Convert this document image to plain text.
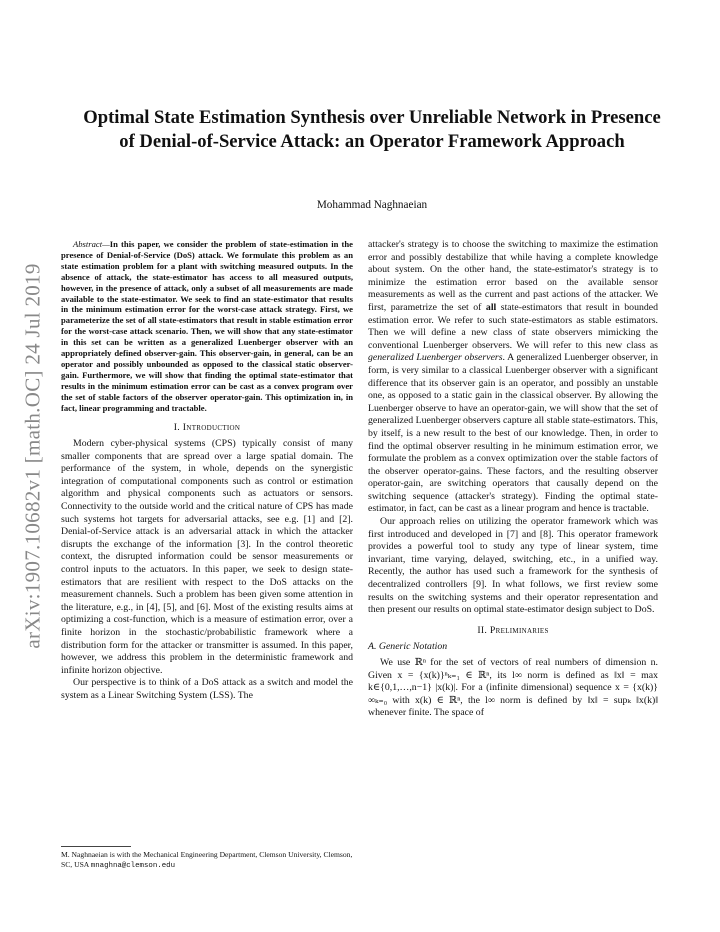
Optimal State Estimation Synthesis over Unreliable Network in Presence of Denial-of-Service Attack: an Operator Framework Approach
Mohammad Naghnaeian
arXiv:1907.10682v1 [math.OC] 24 Jul 2019

Abstract—In this paper, we consider the problem of state-estimation in the presence of Denial-of-Service (DoS) attack. We formulate this problem as an state estimation problem for a plant with switching measured outputs. In the absence of attack, the state-estimator has access to all measured outputs, however, in the presence of attack, only a subset of all measurements are made available to the state-estimator. We seek to find an state-estimator that results in the minimum estimation error for the worst-case attack strategy. First, we parameterize the set of all state-estimators that result in stable estimation error for the worst-case attack scenario. Then, we will show that any state-estimator in this set can be written as a generalized Luenberger observer with an appropriately defined observer-gain. This observer-gain, in general, can be an operator and possibly unbounded as opposed to the classical static observer-gain. Furthermore, we will show that finding the optimal state-estimator that results in the minimum estimation error can be cast as a convex program over the set of stable factors of the observer operator-gain. This optimization in, in fact, linear programming and tractable.

I. Introduction

Modern cyber-physical systems (CPS) typically consist of many smaller components that are spread over a large spatial domain. The performance of the system, in whole, depends on the synergistic integration of computational components such as control or estimation algorithm and physical components such as actuators or sensors. Connectivity to the outside world and the critical nature of CPS has made such systems hot targets for adversarial attacks, see e.g. [1] and [2]. Denial-of-Service attack is an adversarial attack in which the attacker disrupts the exchange of the information [3]. In the control theoretic context, the disrupted information could be sensor measurements or control inputs to the actuators. In this paper, we seek to design state-estimators that are resilient with respect to the DoS attacks on the measurement channels. Such a problem has been given some attention in the literature, e.g., in [4], [5], and [6]. Most of the existing results aims at optimizing a cost-function, which is a measure of estimation error, over a finite horizon in the stochastic/probabilistic framework where a distribution form for the attacker or transmitter is assumed. In this paper, however, we address this problem in the deterministic framework and infinite horizon objective.

Our perspective is to think of a DoS attack as a switch and model the system as a Linear Switching System (LSS). The

M. Naghnaeian is with the Mechanical Engineering Department, Clemson University, Clemson, SC, USA mnaghna@clemson.edu

attacker's strategy is to choose the switching to maximize the estimation error and possibly destabilize that while having a complete knowledge about system. On the other hand, the state-estimator's strategy is to minimize the estimation error based on the available sensor measurements as well as the current and past actions of the attacker. We first, parametrize the set of all state-estimators that result in bounded estimation error. We refer to such state-estimators as stable estimators. Then we will define a new class of state observers mimicking the conventional Luenberger observers. We will refer to this new class as generalized Luenberger observers. A generalized Luenberger observer, in form, is very similar to a classical Luenberger observer with a significant difference that its observer gain is an operator, and possibly an unstable one, as opposed to a static gain in the classical observer. By allowing the Luenberger observe to have an operator-gain, we will show that the set of generalized Luenberger observers capture all stable state-estimators. This, by itself, is a new result to the best of our knowledge. Then, in order to find the optimal observer resulting in he minimum estimation error, we formulate the problem as a convex optimization over the stable factors of the observer operator-gains. These factors, and the resulting observer operator-gain, are switching operators that causally depend on the switching sequence (attacker's strategy). Finding the optimal state-estimator, in fact, can be cast as a linear program and hence is tractable.

Our approach relies on utilizing the operator framework which was first introduced and developed in [7] and [8]. This operator framework provides a powerful tool to study any type of linear system, time invariant, time varying, delayed, switching, etc., in a unified way. Recently, the author has used such a framework for the synthesis of decentralized controllers [9]. In what follows, we first review some results on the switching systems and their operator representation and then present our results on optimal state-estimator design subject to DoS.

II. Preliminaries
A. Generic Notation

We use ℝⁿ for the set of vectors of real numbers of dimension n. Given x = {x(k)}ⁿₖ₌₁ ∈ ℝⁿ, its l∞ norm is defined as ‖x‖ = max k∈{0,1,…,n−1} |x(k)|. For a (infinite dimensional) sequence x = {x(k)}∞ₖ₌₀ with x(k) ∈ ℝⁿ, the l∞ norm is defined by ‖x‖ = supₖ ‖x(k)‖ whenever finite. The space of
